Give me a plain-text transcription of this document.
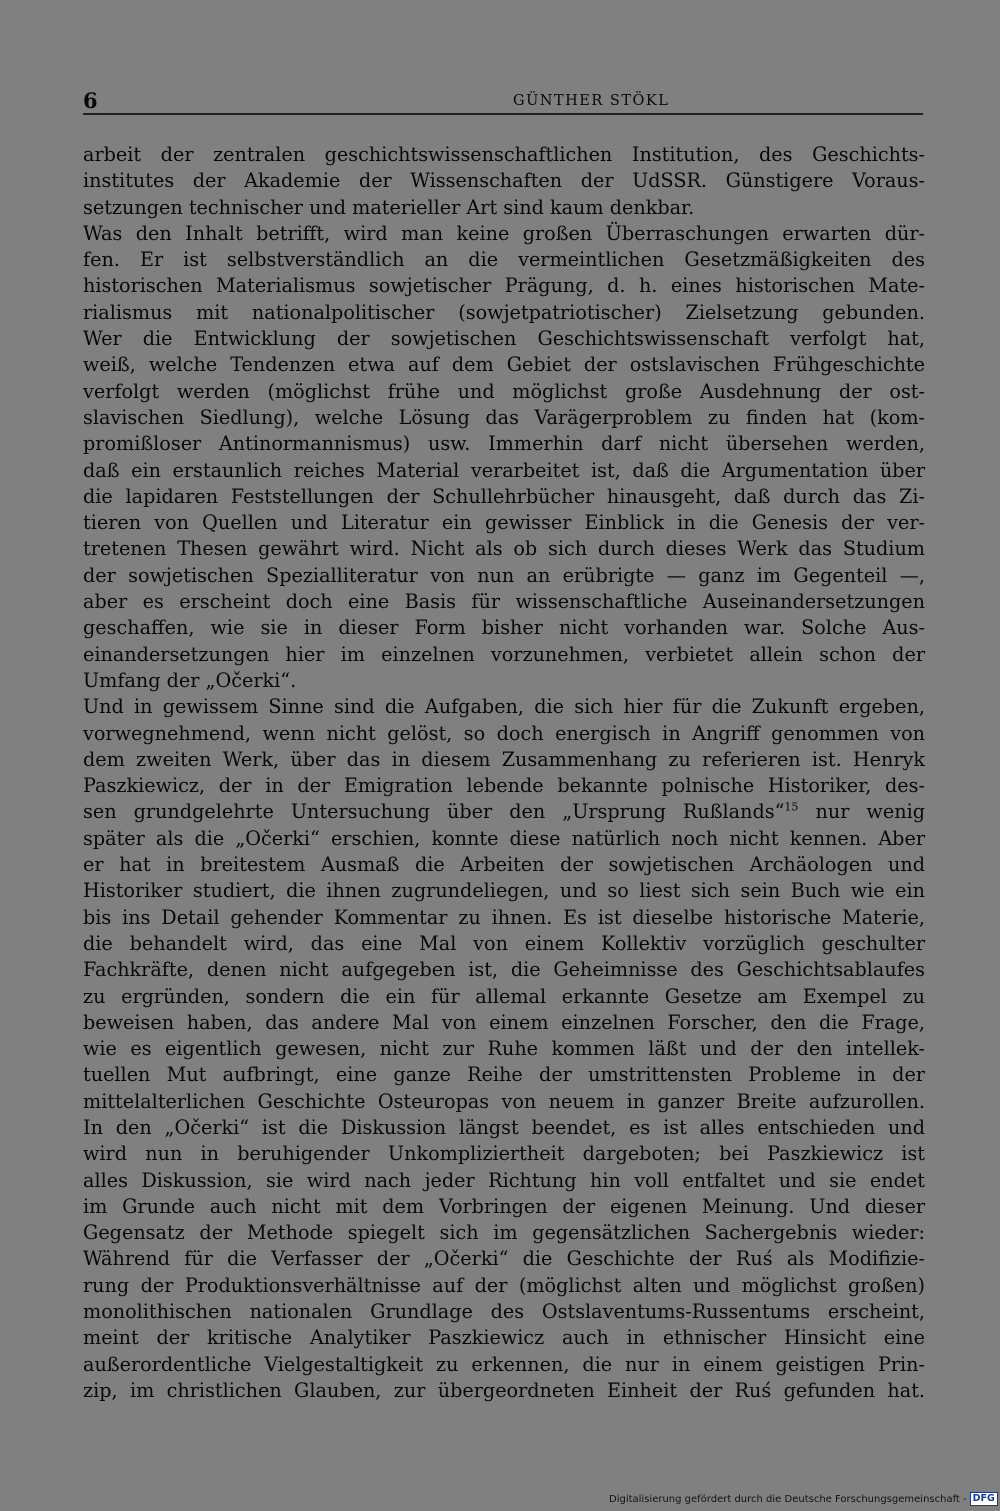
6	GÜNTHER STÖKL
arbeit der zentralen geschichtswissenschaftlichen Institution, des Geschichts-
institutes der Akademie der Wissenschaften der UdSSR. Günstigere Voraus-
setzungen technischer und materieller Art sind kaum denkbar.
Was den Inhalt betrifft, wird man keine großen Überraschungen erwarten dür-
fen. Er ist selbstverständlich an die vermeintlichen Gesetzmäßigkeiten des
historischen Materialismus sowjetischer Prägung, d. h. eines historischen Mate-
rialismus mit nationalpolitischer (sowjetpatriotischer) Zielsetzung gebunden.
Wer die Entwicklung der sowjetischen Geschichtswissenschaft verfolgt hat,
weiß, welche Tendenzen etwa auf dem Gebiet der ostslavischen Frühgeschichte
verfolgt werden (möglichst frühe und möglichst große Ausdehnung der ost-
slavischen Siedlung), welche Lösung das Varägerproblem zu finden hat (kom-
promißloser Antinormannismus) usw. Immerhin darf nicht übersehen werden,
daß ein erstaunlich reiches Material verarbeitet ist, daß die Argumentation über
die lapidaren Feststellungen der Schullehrbücher hinausgeht, daß durch das Zi-
tieren von Quellen und Literatur ein gewisser Einblick in die Genesis der ver-
tretenen Thesen gewährt wird. Nicht als ob sich durch dieses Werk das Studium
der sowjetischen Spezialliteratur von nun an erübrigte — ganz im Gegenteil —,
aber es erscheint doch eine Basis für wissenschaftliche Auseinandersetzungen
geschaffen, wie sie in dieser Form bisher nicht vorhanden war. Solche Aus-
einandersetzungen hier im einzelnen vorzunehmen, verbietet allein schon der
Umfang der „Očerki“.
Und in gewissem Sinne sind die Aufgaben, die sich hier für die Zukunft ergeben,
vorwegnehmend, wenn nicht gelöst, so doch energisch in Angriff genommen von
dem zweiten Werk, über das in diesem Zusammenhang zu referieren ist. Henryk
Paszkiewicz, der in der Emigration lebende bekannte polnische Historiker, des-
sen grundgelehrte Untersuchung über den „Ursprung Rußlands“$^{15}$ nur wenig
später als die „Očerki“ erschien, konnte diese natürlich noch nicht kennen. Aber
er hat in breitestem Ausmaß die Arbeiten der sowjetischen Archäologen und
Historiker studiert, die ihnen zugrundeliegen, und so liest sich sein Buch wie ein
bis ins Detail gehender Kommentar zu ihnen. Es ist dieselbe historische Materie,
die behandelt wird, das eine Mal von einem Kollektiv vorzüglich geschulter
Fachkräfte, denen nicht aufgegeben ist, die Geheimnisse des Geschichtsablaufes
zu ergründen, sondern die ein für allemal erkannte Gesetze am Exempel zu
beweisen haben, das andere Mal von einem einzelnen Forscher, den die Frage,
wie es eigentlich gewesen, nicht zur Ruhe kommen läßt und der den intellek-
tuellen Mut aufbringt, eine ganze Reihe der umstrittensten Probleme in der
mittelalterlichen Geschichte Osteuropas von neuem in ganzer Breite aufzurollen.
In den „Očerki“ ist die Diskussion längst beendet, es ist alles entschieden und
wird nun in beruhigender Unkompliziertheit dargeboten; bei Paszkiewicz ist
alles Diskussion, sie wird nach jeder Richtung hin voll entfaltet und sie endet
im Grunde auch nicht mit dem Vorbringen der eigenen Meinung. Und dieser
Gegensatz der Methode spiegelt sich im gegensätzlichen Sachergebnis wieder:
Während für die Verfasser der „Očerki“ die Geschichte der Ruś als Modifizie-
rung der Produktionsverhältnisse auf der (möglichst alten und möglichst großen)
monolithischen nationalen Grundlage des Ostslaventums-Russentums erscheint,
meint der kritische Analytiker Paszkiewicz auch in ethnischer Hinsicht eine
außerordentliche Vielgestaltigkeit zu erkennen, die nur in einem geistigen Prin-
zip, im christlichen Glauben, zur übergeordneten Einheit der Ruś gefunden hat.
Digitalisierung gefördert durch die Deutsche Forschungsgemeinschaft - DFG
